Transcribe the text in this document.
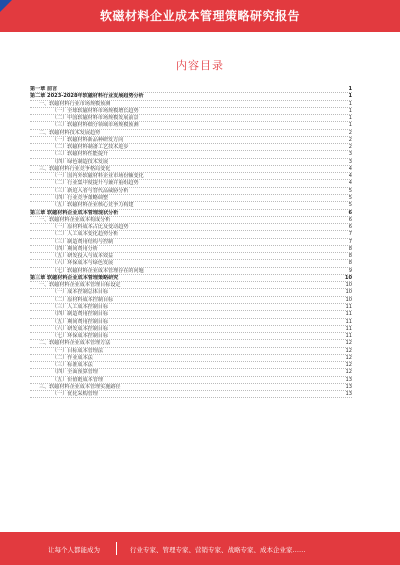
软磁材料企业成本管理策略研究报告
内容目录
第一章 前言	1
第二章 2023-2028年软磁材料行业发展趋势分析	1
一、软磁材料行业市场规模预测	1
（一）全球软磁材料市场规模增长趋势	1
（二）中国软磁材料市场规模发展前景	1
（三）软磁材料细分领域市场规模预测	1
二、软磁材料技术发展趋势	2
（一）软磁材料新品种研发方向	2
（二）软磁材料制备工艺技术进步	2
（三）软磁材料性能提升	3
（四）绿色制造技术发展	3
三、软磁材料行业竞争格局变化	4
（一）国内外软磁材料企业市场份额变化	4
（二）行业集中度提升与兼并重组趋势	4
（三）新进入者与替代品威胁分析	5
（四）行业竞争策略调整	5
（五）软磁材料企业核心竞争力构建	5
第三章 软磁材料企业成本管理现状分析	6
一、软磁材料企业成本构成分析	6
（一）原材料成本占比及变动趋势	6
（二）人工成本变化趋势分析	7
（三）制造费用结构与控制	7
（四）期间费用分析	8
（五）研发投入与成本效益	8
（六）环保成本与绿色发展	8
（七）软磁材料企业成本管理存在的问题	9
第三章 软磁材料企业成本管理策略研究	10
一、软磁材料企业成本管理目标设定	10
（一）成本控制总体目标	10
（二）原材料成本控制目标	10
（三）人工成本控制目标	11
（四）制造费用控制目标	11
（五）期间费用控制目标	11
（六）研发成本控制目标	11
（七）环保成本控制目标	11
二、软磁材料企业成本管理方法	12
（一）目标成本管理法	12
（二）作业成本法	12
（三）标准成本法	12
（四）全面预算管理	12
（五）价值链成本管理	13
三、软磁材料企业成本管理实施路径	13
（一）优化采购管理	13
让每个人都能成为	行业专家、管理专家、营销专家、战略专家、成本企业家……
